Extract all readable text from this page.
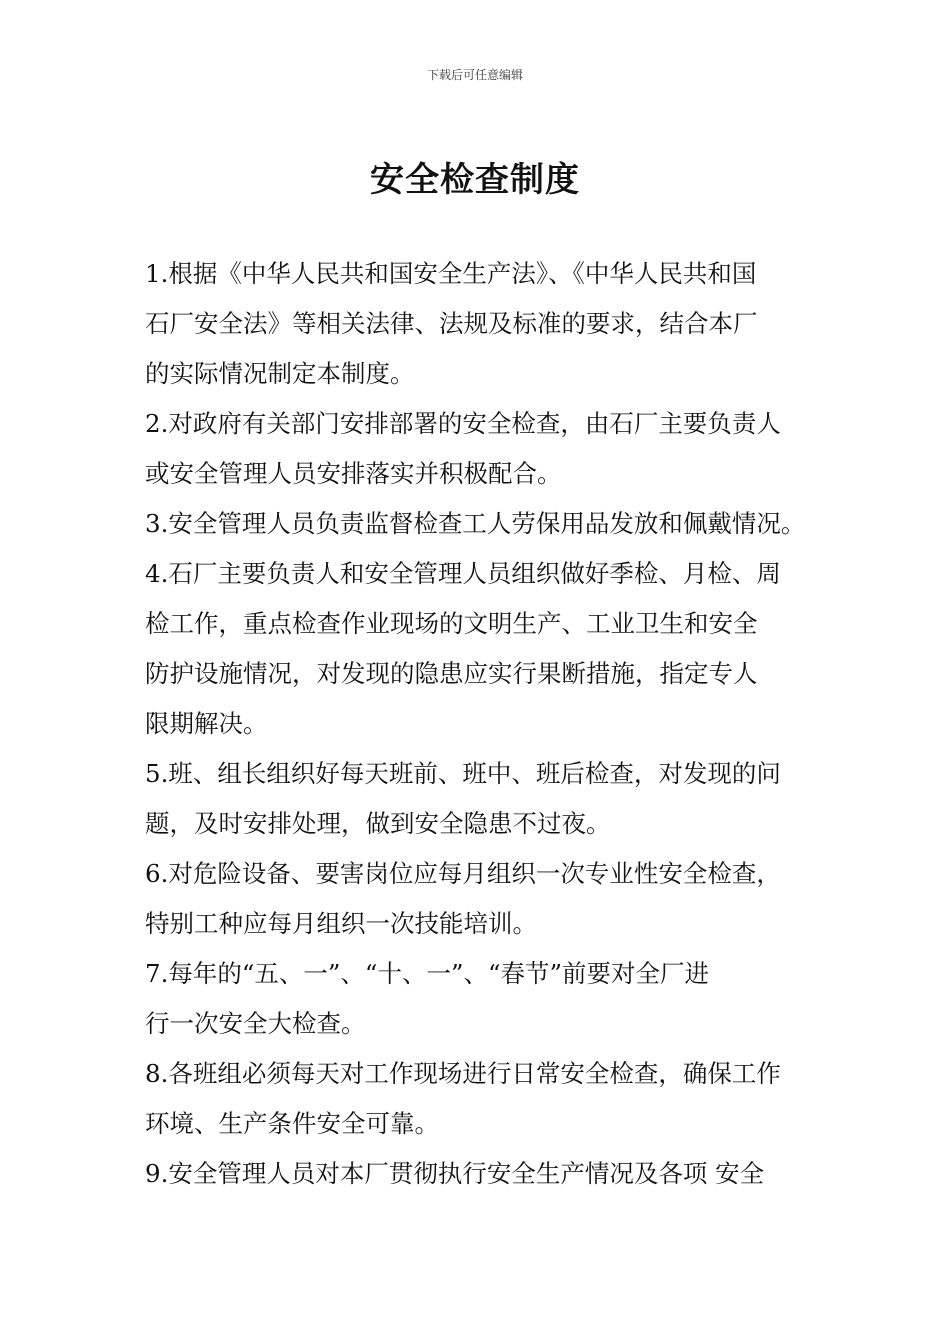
下载后可任意编辑
安全检查制度
1.根据《中华人民共和国安全生产法》、《中华人民共和国
石厂安全法》等相关法律、法规及标准的要求，结合本厂
的实际情况制定本制度。
2.对政府有关部门安排部署的安全检查，由石厂主要负责人
或安全管理人员安排落实并积极配合。
3.安全管理人员负责监督检查工人劳保用品发放和佩戴情况。
4.石厂主要负责人和安全管理人员组织做好季检、月检、周
检工作，重点检查作业现场的文明生产、工业卫生和安全
防护设施情况，对发现的隐患应实行果断措施，指定专人
限期解决。
5.班、组长组织好每天班前、班中、班后检查，对发现的问
题，及时安排处理，做到安全隐患不过夜。
6.对危险设备、要害岗位应每月组织一次专业性安全检查，
特别工种应每月组织一次技能培训。
7.每年的“五、一”、“十、一”、“春节”前要对全厂进
行一次安全大检查。
8.各班组必须每天对工作现场进行日常安全检查，确保工作
环境、生产条件安全可靠。
9.安全管理人员对本厂贯彻执行安全生产情况及各项 安全
